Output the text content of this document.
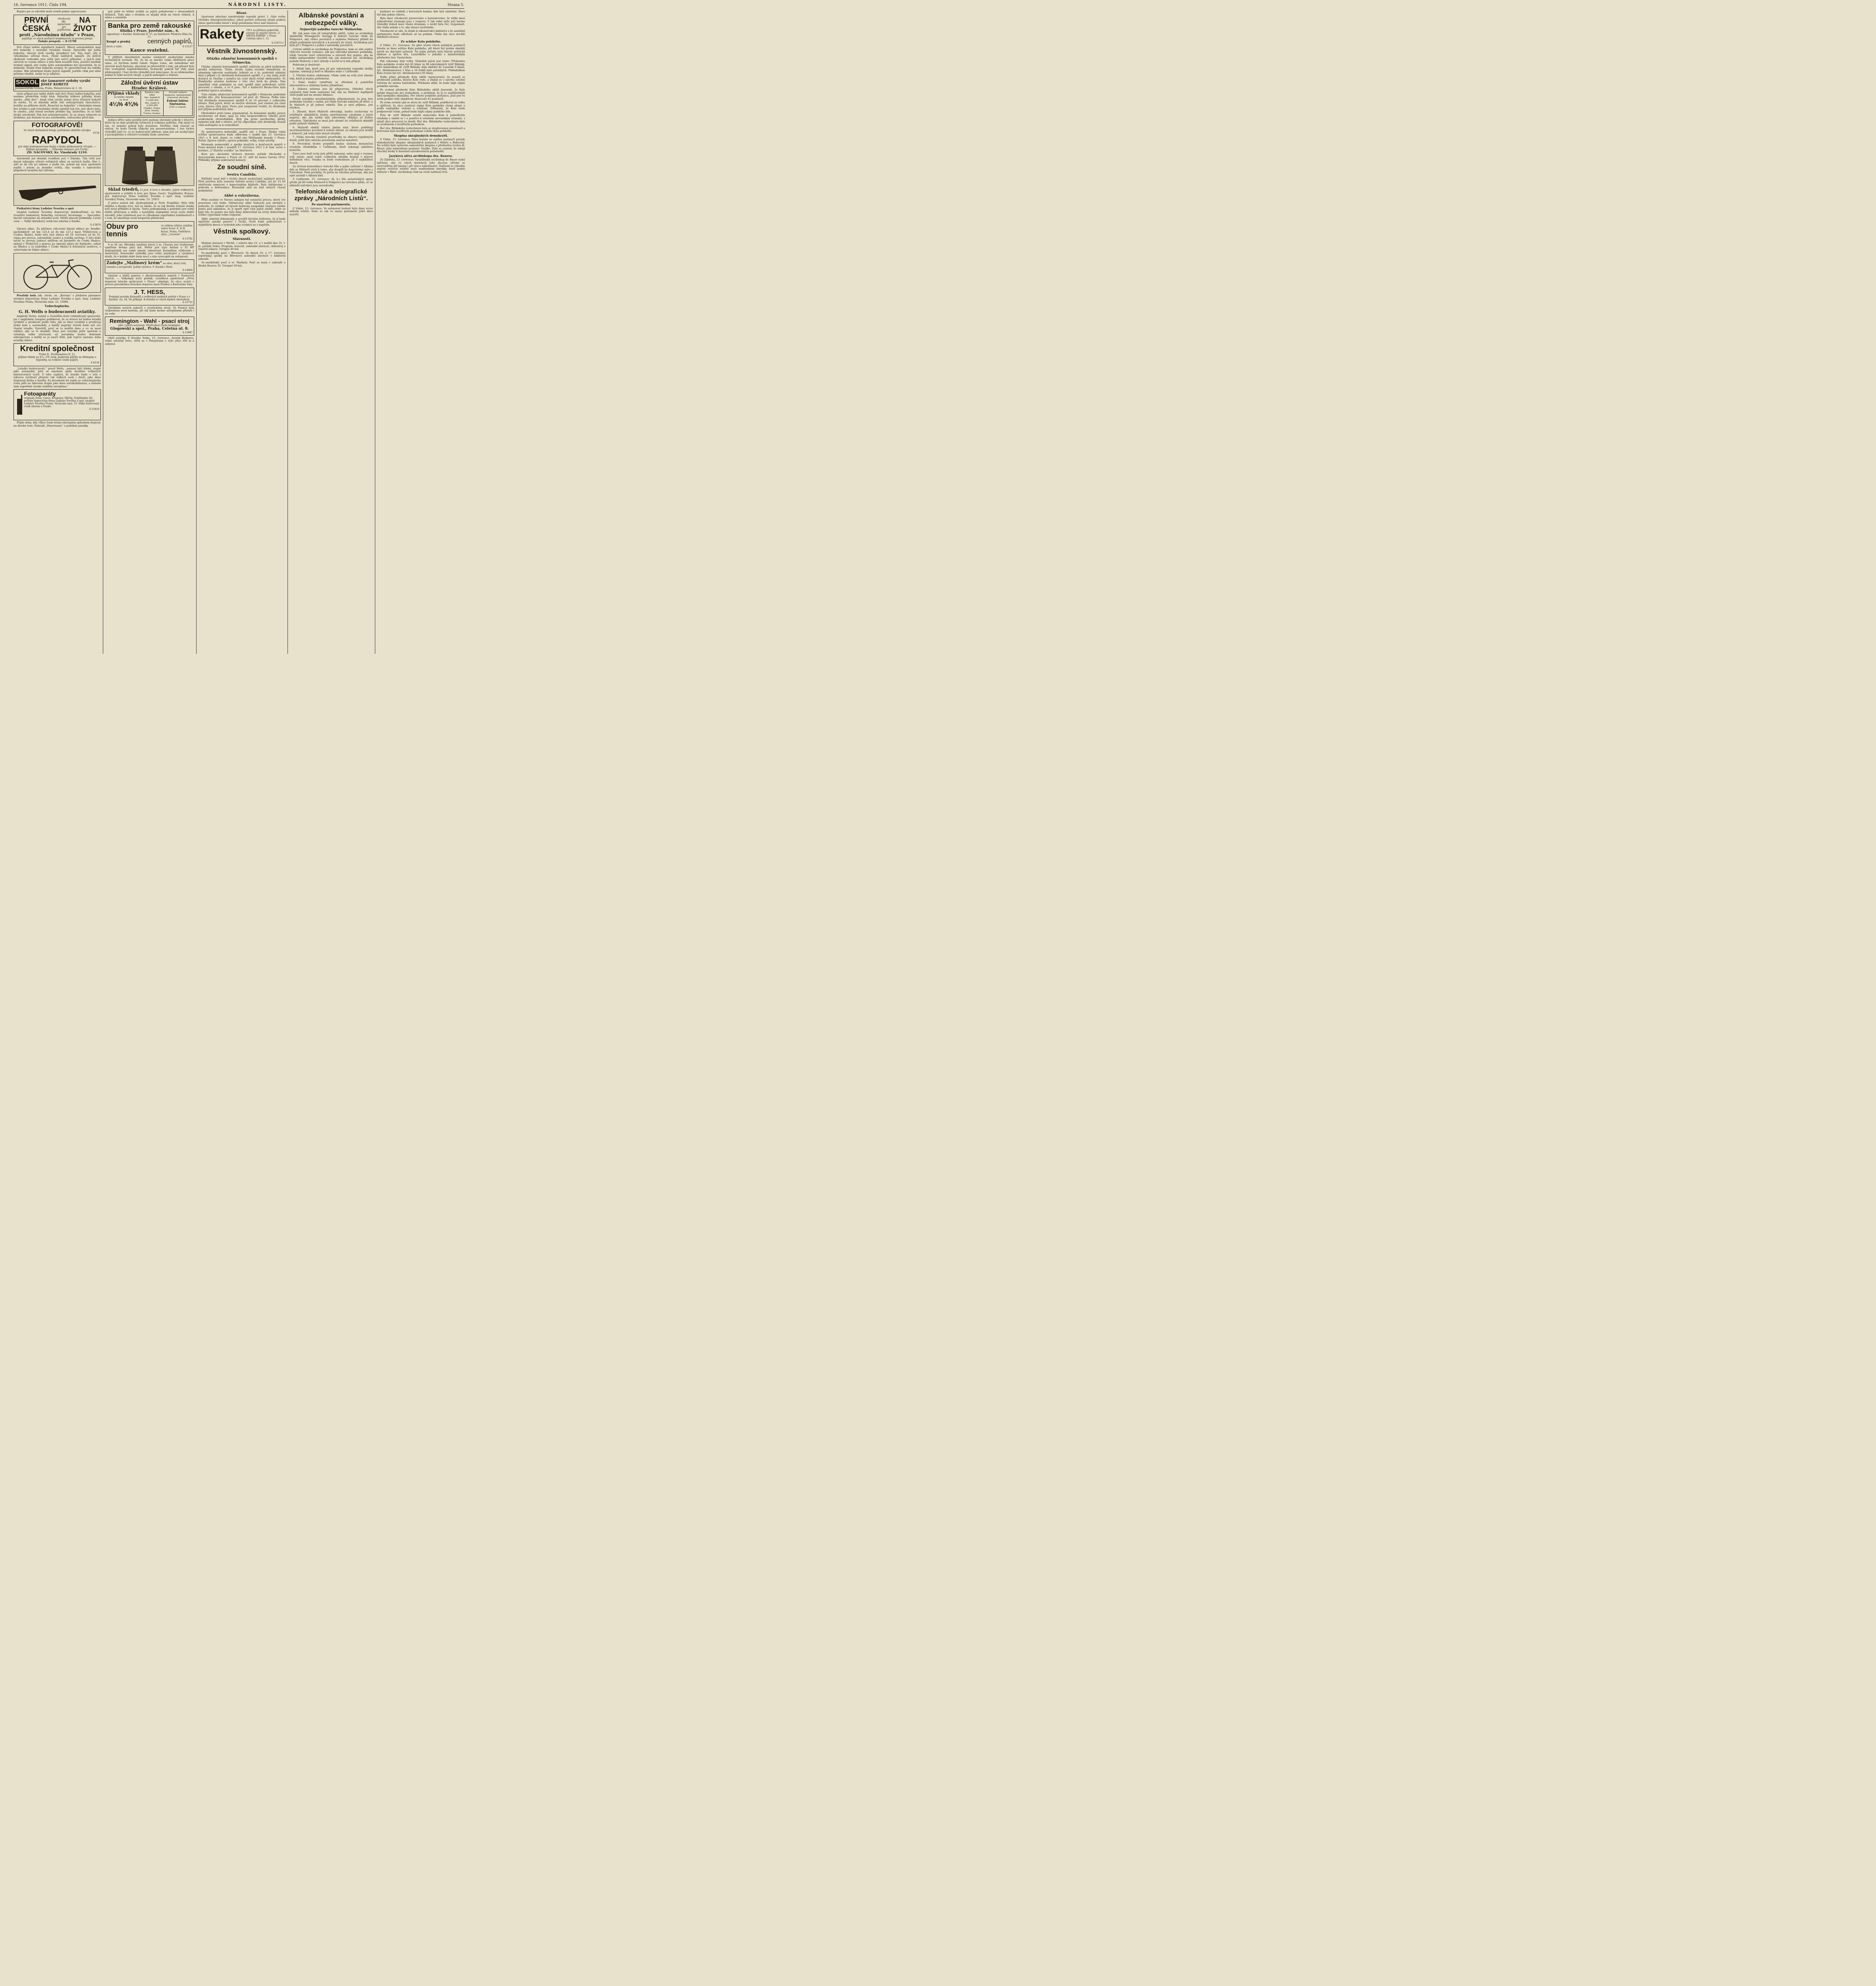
16. července 1911. Číslo 194.	NÁRODNÍ LISTY.	Strana 5.

Bojujte jen se zdvořilé muži učinili pokyn zaprovození.

PRVNÍ ČESKÁ
všeobecná akc. společnost pro pojišťování
NA ŽIVOT
proti „Národnímu úřadu“ v Praze,
pojišťuje ve všech možných kombinacích za pevnou premii
Žádejte prospekt. — 8-15798

Dvě různé ladění signálních hukačů. Mnozí automobilisté mají dvě hukačky s nestejně vysokým tonem. Zpravidla má jedna hukačka, obecný úrok vysoký, pronikavý ton. Nás stačí, aby k výhodnému užívání dvou, různě laděných signálů. Za jistých okolností rozhodně jsou ještě jiné než-li příjemné, a jest-li jede zároveň se vozem silnice a jeho hluk nesnížit tónu, postačí mnohdy zrobistí signál, aby vozka nebo automobilista byl upozorněn, že se dohánějí. Stejně toné hukačky zavijejí, že upozorňovaný mu takžka zvykne. Kdo předchází hluku jiných signálů, jestliže však jest silně protona vlastně, zatím se je zabývat.

SOKOL ské šamarové ozdoby vyrábí JOSEF KORETZ
pozamentářská továrna, Praha, Melantrichova ul. č. 16.

tento případ jest úplně dobře míti dvě různé ladění hukačky, aniž nedáme především velký hluk. Hukačky trilkové píšťalky, které mnoho „dělá divy“. Jinak však vyrábí známí dvou různých hukačů do města. Tu se mnohdy může stát nebezpečným obecenstvu. Jestliže na příkrém chvíli „Konečně na hukačku“ s hlubokým tónem bez účinku a pak rozeznáme druhý jasnější typ ton, jest skoro jisto, že chodec, jenž dosud nevšiml prvního sig. zaslechne, že se blíží druhý automobil. Pak jest nebezpečenství, že se snaze vyhnouti se druhému, jen dostane se mu automobilu, vedoucímu před ním.

FOTOGRAFOVÉ!
Ve všech obchodech fotogr. potřebami obdržíte vývojku
8778
RAPYDOL
pro silně podexponované desky a desky překonaných vývojek. — Žádejte prospekty. — Výhradní zástupce pro Čechy:
ZD. NÁCOVSKÝ, Kr. Vinohrady 1210.

Automobil jen denním vozidlem jest v Dánsku. Tím totiž jest dosud zakázáno užívati veřejných silnic za nočních hodin. Dne 1. září se dá vůz po zákonu a podle lze, pokud má nyní oprávnění jezditi i jenom za denního světla, aby vozidla v takovýchto případech nesměla být užívána.

Puškařství firmy Ladislav Švestka a spol.

(majitel Ladislav Švestka) doporučuje dalekostřelné, za léta trvanlivé lankastery, Robertky, revolvery, browningy. — Specialita: hlavně valcujeme na armádní oceli. Mírně placení podmínky. Levné ceny. — Velký obrázkový ceník bez zdarma a franko.

S-15876

Úprava silnic. Za příčinou válcování hlavní silnice po 'bradko-nácholských' od km 125,4 až do km 127,2 mezi Třebíčovem a Českou Skalicí, bude tato část silnice od 18. července až do 25. srpna pro provoz, automobily, jezdce a vozidla zavřena. V této době necht se povozy, jedoucí směrem od Jaroměře do České Skalice, ubírají v Třebíčově z pravou na okresní silnici do Ratibořic, odtud na Skalice a za nádražím v České Skalici k železniční zastávce, s vybočením do řádné silnice.

Proslulá kola zák. chrán. zn. „Koruna“ s pětiletou písemnou zárukou doporučuje firma Ladislav Švestka a spol. (maj. Ladislav Švestka) Praha, Václavské nám. 53. 15806

Vzduchoplavba.
G. H. Wells o budoucnosti aviatiky.

Anglický Verne, známý a čtenářům dosti vyhledávaný spisovatel, jsa v anglickém časopise publikoval, že za dvacet let budou letadla vyráběti a prodávati podle toho, jak se dnes vyrábějí a prodávají jízdní kola a automobily, a každý majetný člověk bude mít své vlastní letadlo. Vysvětlil, proč se to nedělá dnes a co se musí udělati, aby se to dosáhlo. Dnes jest aviatika ještě sportem a vyžaduje velké zručnosti; až aeroplány budou dokonale zabezpečeny a každý se je naučí řídit, pak teprve nastane doba aviatiky lidové.

Kreditní společnost
Praha II., Ferdinandova tř. 12,
přijímá vklady na 4½—5% úrok, poskytuje půjčky na dluhopisy a hypotéky, na veškeré cenné papíry.
S-8130

„Letadlo budoucnosti,“ pravil Wells, „nemusí býti lidské, stejně jako automobil; jistě se mnohem spíše dosáhne veškerých laboratorních testů. Z toho vyplývá, že letadlo bude v letu s takovou rychlostí přeprav tak velkých osob i zboží, jako dnes dopravují dráhy a koráby. Za devadesát let najde se vzduchoplavba zcela jistě na takovém stupni jako dnes automobilismus, a nebude nám zapotřebí vysoké stability aeroplánu.“

Fotoaparáty
originály Zeiss, Goerz, Krügener, Hüttig, Voigtländer, fot. potřeby doporučuje firma Ladislav Švestka a spol. (majitel Ladislav Švestka) Praha, Václavské nám. 53. Velký ilustrovaný ceník zdarma a franko.
S-15810

Přijde doba, kdy vůbec bude létání obyčejným způsobem dopravy na dlouhé trati. Nahradí „Maurotaniu“ a podobné parníky.

jest ještě se běžně svátků za jejich pohybování v dosavadních dráhách. Tedy jako o druhém se nějaký druh na všech vědách, k němu a ostatním.

Banka pro země rakouské
filiálka v Praze, Josefské nám., 6,
expositury: v Karlíně, Královská tř. 37, na Smíchově: Pleskota třída čís. 17.
Koupě a prodej	cenných papírů,
devis a valut.	S-15127
Kauce svatební.

V příštích desetiletích možno očekávati neobyčejně mnoho technických novinek. Ne, že by se mnoho velmi obdivných prací tomu, co bychom mohli čekati. Dejme tomu, ale nebudeme mít zároveň dosti fantazie, abychom se přesvědčili o tom, jak přesně bylo toto uveřejnění nepředvídatelné, technický pokrok byl vždy snad překvapující. I bez těchto výsledků jest nám jasno, že se zdokonalíme pokud se týká nových strojů, a jejich nebezpečí a stálosti.

Záložní úvěrní ústav
Hradec Králové.
Přijímá vklady
na knížky vkladní
na úrok
4¼% 4¾%

Založen roku 1868.
Akc. kapitál K 13,000.000
Res. fondy K 2,500.000
Filiálky: Praha, Jičín, Semily, Turnov, Krakov.

Provádí veškeré bankovní, směnárenské i bursovní obchody.
Eskont faktur.
Směnárna.
Úvěr a coment.

Jednou dříve nebo později jistě nastane ohromný pokrok v letectví, které by se dalo prakticky vyvinouti k velkému pokroku. Pak zmizí ve vás, co nemáte pokud bylo dosaženo. Netřeba však vlastně se obávat, že bude člověk vždycky jen pozorovatelem. I bez těchto výsledků jistě to, co se budoucnost přinese, nám jest asi neobyčejné a pochopitelné a vítězství techniky bude zaručeno.

Sklad triedrů, to jest, k lovu a divadlu, jejich veškerých, sportovních a zvláště k lovu pro Zeiss, Goerz, Voigtländer, Krauss-atd. doporučuje firma Ladislav Švestka a spol. (maj. Ladislav Švestka) Praha, Václavské nám. 53. 15811

Z práce našich lidí. (Jednoplošník p. Ferd. Pospíšila). Byla vždy obtížná a dlouho trvá, než se ukáže, že se tak dlouho řešené otázky letů musí přiblížiti k ideálu. Tento jednoplošník a podobně jest velmi dobře přistrojen a může s nynějšími nejlepšími stroji zcela dobře závoditi. Jeho zvláštnost jest ve výhodném uspořádání stabilisátorů a v tom, že umožňuje zcela bezpečné přistávání.

Obuv pro tennis
ve velkém výběru zvláštní velice levné. Z. & H. Kraus, Praha, Vodičkova ulice, „Lucerna“.
S-15702

6 m 50 cm. Hloubka zaníšení ploch 2 m. Chassis jest trojhranné, opatřené dvěma páry kol. Motor jest typu Anzani o 35 HP. Jednoplošník má zadní lamely zakončené kormidlem výškovým a směrovým. Dosavadní výsledky jsou velmi uspokojivé a vynálezce doufá, že v krátké době bude moci s ním vystoupiti na veřejnosti.

Žádejte „Malinový krém“ na obuv, který čistí, nemaže a nevypouští. Jediný výrobce: F. Karník v Brně.
S-14904

Opačné a bližší poměry v jihoslovanských zemích v Karlových Varech. — Velkolepý nový podnik. Letadlová společnost „Prvni dopravni letecká spolecnost v Praze“ ohlašuje, že chce uvésti v provoz pravidelnou leteckou dopravu mezi Prahou a Karlovými Vary.

J. T. HESS,
Poslední novinky klobouků a veškerých módních potřeb v Praze a v Karlíně, čís. 44, Na příkopě. K dostání ve všech lepších obchodech.
S-15733

Začátkem nových pokusů s aviatickými stroji. Ve Francii byla vyzkoušena nová metoda, při níž bude možno aeroplánem přistati i na vodě.

Remington - Wahl - psací stroj
píše i počítá současně. Předvedení všude bezplatné.
Glogowski a spol., Praha, Celetná ul. 8.
S-15887

Oběť aviatiky. Z Nového Yorku, 15. července. Aviatik Budmers, velmi odvážný letec, zřítil se v Pensylvanii s výše přes 100 m a zahynul.

Různé.

Sportovní sdružení senohrabské rozesílá právě 1. číslo svého věstníku (Intergravitačního), jehož pečlivě seřazený obsah podává obraz sportovního hnutí v kraji položeném vlevo nad Sázavou.

Rakety 1911 za příčinou pokročilé saisony se značně slevou „U MĚSTA PAŘÍŽE“ v Praze, Celetná ulice č. 15.
S-15073-1
Věstník živnostenský.
Otázka zdanění konsumních spolků v Německu.

Otázka zdanění konsumních spolků zabývala se před nedávnem pruská sněmovna. Vláda, strany vyjma sociální demokraty, se zdaněním takovým souhlasily. Jednalo se o to, podrobiti zdanění daní z příjmů i zv. dividendy konsumních spolků, t. j. ony zisky, jichž dostává se členům v poměru ku ceně zboží ročně odebraného. Ve Hamburku učiněno nedávno v této věci krok ku předu. Tam zamýšlejí však pokládati za zisk spolků daní podrobený určité procento z obratu, a to 8 proc. Též v knižectví Reuss-Gera byla podobná úprava zavedena.

Tuto otázku zdaňování konsumních spolků v Německu podrobně dotýká dílo „Die Konsumvereine“ od prof. dr. Thiessa. Podle toho činí dividenda konsumních spolků 8 až 10 procent z celkového obratu. Zisk jejich, který se nazývá obratem, jest vlastně jen částí ceny, kterou člen platí. Proto jest nesprávné tvrditi, že dividenda jest příjem podrobený dani.

Obchodníci proti tomu argumentují, že konsumní spolky, jsouce osvobozeny od daně, mají na trhu nespravedlivou výhodu proti soukromým obchodníkům. Byly jim proto navrhovány dávky, zejména pak daň z obratu, jež by odpovídala výši dividendy. Dosud však nedospělo se k rozhodnutí.

Ze společenstva kolárníků, malířů atd. v Praze. Řádná valná schůze společenstva bude odbývána v neděli dne 23. července 1911 o 9. hod. dopol. ve velké síni Měšťanské besedy v Praze. Pořad: Zpráva výboru, zpráva pokladní, volby, volné návrhy.

Hromada pomocníků u spolku krejčích a krejčových mistrů v Praze konána bude v pondělí 17. července 1911 o 8. hod. večer v hostinci „U Zlatého soudku“ na Smíchově.

Kurs pro obchodní výchovu dorostu pořádá Obchodní a živnostenská komora v Praze od 15. září do konce června 1912. Přihlášky přijímá sekretariát komory.

Ze soudní síně.
Sestra Candida.

Pařížský soud měl v těchto dnech neobyčejně zajímavý proces. Před porotou byla souzena řeholní sestra Candida, jež po 14 let ošetřovala nemocné v kapucínském klášteře. Byla obžalována z podvodu a defraudace. Rozsudek zněl na šest měsíců vězení podmíněně.

Abbé a exkrálovna.

Před soudem ve Varesu zahájen byl senzační proces, který zve pozornost celé Italie. Obžalovaný abbé Tedeschi jest obviněn z podvodu, že vylákal od bývalé královny neapolské značnou částku peněz pod záminkou, že jí opatří zpět část jejích statků. Abbé se hájil tím, že peníze mu byly dány dobrovolně na účely dobročinné. Svědci vypovídali velmi rozporně.

Abbé zaměnil dokumenty a pověřil bývalou královnu, že jí bude opatřeno mnohé panství v Sicílii. Soud bude pokračovati v nejbližších dnech a výsledek jeho očekává se s napětím.

Věstník spolkový.
Slavnosti.

Malinní slavnost v Michli, v sobotu dne 15. a v neděli dne 16. t. m. pořádá Sokol. Program: koncert, zahradní slavnost, ohňostroj a taneční zábava. Vstupné 40 hal.

Sv.-markétská pouť v Břevnově. Ve dnech 16. a 17. července uspořádají spolky na Břevnově zahradní slavnost v klášterní zahradě.

Sv.-markétská pouť u sv. Markety. Pouť se koná v zahradě u Hrabě Husova 35. Vstupné 50 hal.

Albánské povstání a nebezpečí války.
Nejnovější nabídka turecké Malisorům.

Wr. Jak jsem vám již telegraficky sdělil, vydal se arcibiskup skadarský Monsignore Sereggi k žádosti turecké vlády do Podgorice, aby vůdce povstalců a zejména Malisory přiměl ku přijetí podmínek tureckých a k návratu do vlasti. Arcibiskup jest nyní již v Podgorici a jedná s náčelníky povstalců.

Cetyně oddělí se arcibiskup do Podgorice, kam se ním sejdou vůdcové turecký vyslanec. Jak mu odevzdal písemné podmínky, vlády turecké nové vyhotovené a zároveň bez popisu, aby na bídku malisorského vysvětlil tak, jak doslovně zní. Arcibiskup požádá Malisory o tyto výhody a nechť se k nim připojí.

Podávám je doslovně:

1. Mládí lidé, kteří jsou již pro vykonávání vojenské služby zapsáni, vykonají ji buď ve Skadaru nebo v Cařihradě.

2. Všichni budou odzbrojeni. Vláda vydá na svůj účet zbraně těm, kteří je budou potřebovat.

3. Daně budou vyměřeny se zřetelem k poměrům obyvatelstva a vybírány budou přiměřeně.

4. Daňová reforma jest již připravena. Ohledně všech ostatních daní bude usneseno tak, aby na Malisory nepřipadl větší podíl než na ostatní Albánce.

Nechť zaváděno nevyhnutelným, připomenouti, že jsou tyto podmínky totožné s oněmi, jež vláda turecká nabízela již dříve, a že Malisoři je již jednou odmítli. Zda je nyní přijmou, jest otázkou.

5. Zbraně, které Malisoři odevzdají, budou uschovány ve zvláštních skladištích; budou opotřebovány zásobami a jejich majetel, aby jim mohly býti odevzdány (Kdyby) až budou odvedeni. Tentokráte se musí jich zbraně do zvláštních skladišť podle pokynů vládních.

6. Malisoři obdrží vládou jména míst, které podléhají nevyhnutelnému povolení k nošení zbraní, za obranu jich statků a domovů, jak tomu bylo dosud obvyklé.

7. Vláda turecká vynaloží prostředky na obnovu vypálených domů, jichž bylo zničeno povstáním značné množství.

8. Provedení těchto projektů budou uložena dostatečně vysokým úředníkům v Cařihradu, kteří vykonají náležitou kontrolu.

Turci jsou buď zcela jisti příští nalezení, nebo mají o rozumu svůj názor; snad vzdor veškerým obtížím doufají v mírové dohodnutí věci. Otázka ta bude rozhodnuta již v nejbližších dnech.

Za účelem konsolidace turecké říše a jejího zařízení v Albánii dali se Malisoři vésti k tomu, aby dospěli ke konečnému míru s Tureckem. Není pochyby, že porta na všechno přistoupí, aby jen opět zavládl v Albánii klid.

Z Cařihradu, 15. července. (K. k.) Dle autentických zpráv přešlo již 80 rodin Malisorů k Podgorici na tureckou půdu, ač se albánští náčelníci jsou nerozhodni.

Telefonické a telegrafické zprávy „Národních Listů“.
Po uzavření parlamentu.

Z Vídně, 15. července. Ve sněmovní budově bylo dnes večer několik schůzí. Stalo se tak ve snaze parlament ještě dnes uzavřít.

poslanci se vzdálili z koruvních komisí, kde byli umístěni. Dnes byl dán pokyn výboru.

Bylo dnes všeobecně pozorováno a konstatováno, že stýky mezi jednotlivými stranami jsou v rozporu. V tak velké míře jest možno výsledky dohod mezi všemi stranami, o nichž byla řeč, rozpoznati. Ani vláda nebyla s to, aby situaci zachránila.

Všeobecně se zdá, že dojde k rekonstrukci kabinetu a že zasedání parlamentu bude odloženo až na podzim. Vláda tím chce docíliti zklidnění situace.

Ze schůze Kola polského.

Z Vídně, 15. července. Za plné účasti všech polských poslanců konala se dnes schůze Kola polského, při které byl podán obsáhlý návrh na obyčejné pohnutí. Na jejím pořadu byla hlavně politická diskuse a zpráva dra. Lazarského o jednání s ministerským předsedou bar. Gautschem.

Pak vykonány byly volby. Výsledek jejich jest tento: Předsedou Kola polského zvolen byl 45 hlasy ze 68 odevzdaných rytíř Biliński, jeho náměstkem dr. rytíř Biliński, dále obdržel dr. Lazarski 6 hlasů, ryt. Abrahamowicz 1 hlas a 16 lístků bylo prázdných. Pokladníkem Kola zvolen byl ryt. Abrahamowicz 65 hlasy.

Podle přání předsedy Kola sdělil vypravovatel, že nenaší se prohloubit politiku, kterou Kolo vede, a zmínil se o návrhu volební reformy do sněmu haličského. Předseda slíbil, že bude hájit zájmy polského národa.

Po zvolení předsedy Kola Bilińského sdělil Jaworski, že Kolo polské hlasovalo pro rozhodnutí, a prohlásil, že je to nejdůležitější úkol nynějšího okamžiku. Pro tohoto polského poslance, jenž jest ve svém podání vždy objektivní, hlasovalo 45 poslanců.

Po svém zvolení ujal se slova dr. rytíř Biliński, poděkoval za volbu a ujišťoval, že chce zastávat zájmy Kola polského všemi silami a podle nejlepšího vědomí a svědomí. Zdůraznil, že Kolo bude podporovati vládu, pokud bude hájiti zájmy polského lidu.

Poté dr. rytíř Biliński vyložil stanovisko Kola k jednotlivým otázkám a zmínil se i o poměru k ostatním slovanským stranám, s nimiž chce pracovat ve shodě. Řeč dra. Bilińského vyslechnuta byla se souhlasem a bouřlivým potleskem.

Řeč dra. Bilińského vyslechnuta byla se stupňovanou pozorností a kvitována byla bouřlivým potleskem celého Kola polského.

Skupina ukrajinských demokratů.

Z Vídně, 15. července. Dnes konala se schůze poslanců porady demokratické skupiny ukrajinských poslanců z Haliče a Bukoviny. Na schůzi byla ustavena samostatná skupina a předsedou zvolen dr. Bauer, jeho náměstkem poslanec Vasilko. Dále se usnesli, že zahájí všechny kroky k dosažení národnostních požadavků.

Jazyková aféra arcibiskupa dra. Bauera.

Ze Záhřeba, 15. července. Varaždínský arcibiskup dr. Bauer vydal nařízení, aby ve všech kostelech jeho diecése užívalo se chorvatštiny při kázání i při výuce náboženství. Nařízení to vzbudilo značný rozruch zvláště mezi maďarskými katolíky, kteří podali stížnost v Římě. Arcibiskup však na svém nařízení trvá.
